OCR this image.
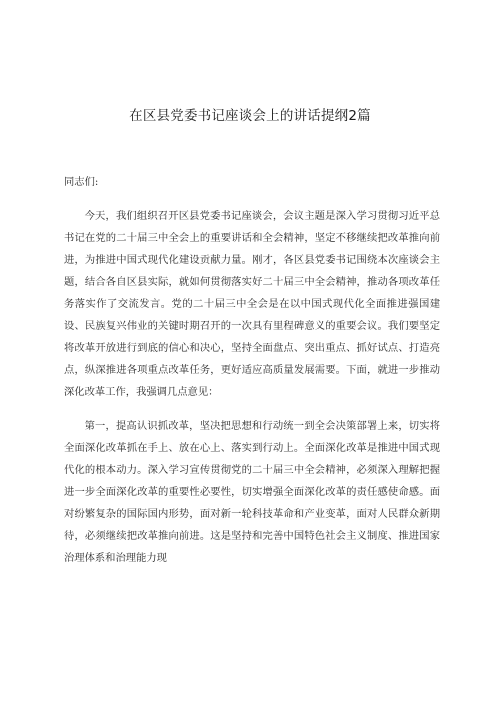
在区县党委书记座谈会上的讲话提纲2篇

同志们:

今天，我们组织召开区县党委书记座谈会，会议主题是深入学习贯彻习近平总书记在党的二十届三中全会上的重要讲话和全会精神，坚定不移继续把改革推向前进，为推进中国式现代化建设贡献力量。刚才，各区县党委书记围绕本次座谈会主题，结合各自区县实际，就如何贯彻落实好二十届三中全会精神，推动各项改革任务落实作了交流发言。党的二十届三中全会是在以中国式现代化全面推进强国建设、民族复兴伟业的关键时期召开的一次具有里程碑意义的重要会议。我们要坚定将改革开放进行到底的信心和决心，坚持全面盘点、突出重点、抓好试点、打造亮点，纵深推进各项重点改革任务，更好适应高质量发展需要。下面，就进一步推动深化改革工作，我强调几点意见：

第一，提高认识抓改革，坚决把思想和行动统一到全会决策部署上来，切实将全面深化改革抓在手上、放在心上、落实到行动上。全面深化改革是推进中国式现代化的根本动力。深入学习宣传贯彻党的二十届三中全会精神，必须深入理解把握进一步全面深化改革的重要性必要性，切实增强全面深化改革的责任感使命感。面对纷繁复杂的国际国内形势，面对新一轮科技革命和产业变革，面对人民群众新期待，必须继续把改革推向前进。这是坚持和完善中国特色社会主义制度、推进国家治理体系和治理能力现
